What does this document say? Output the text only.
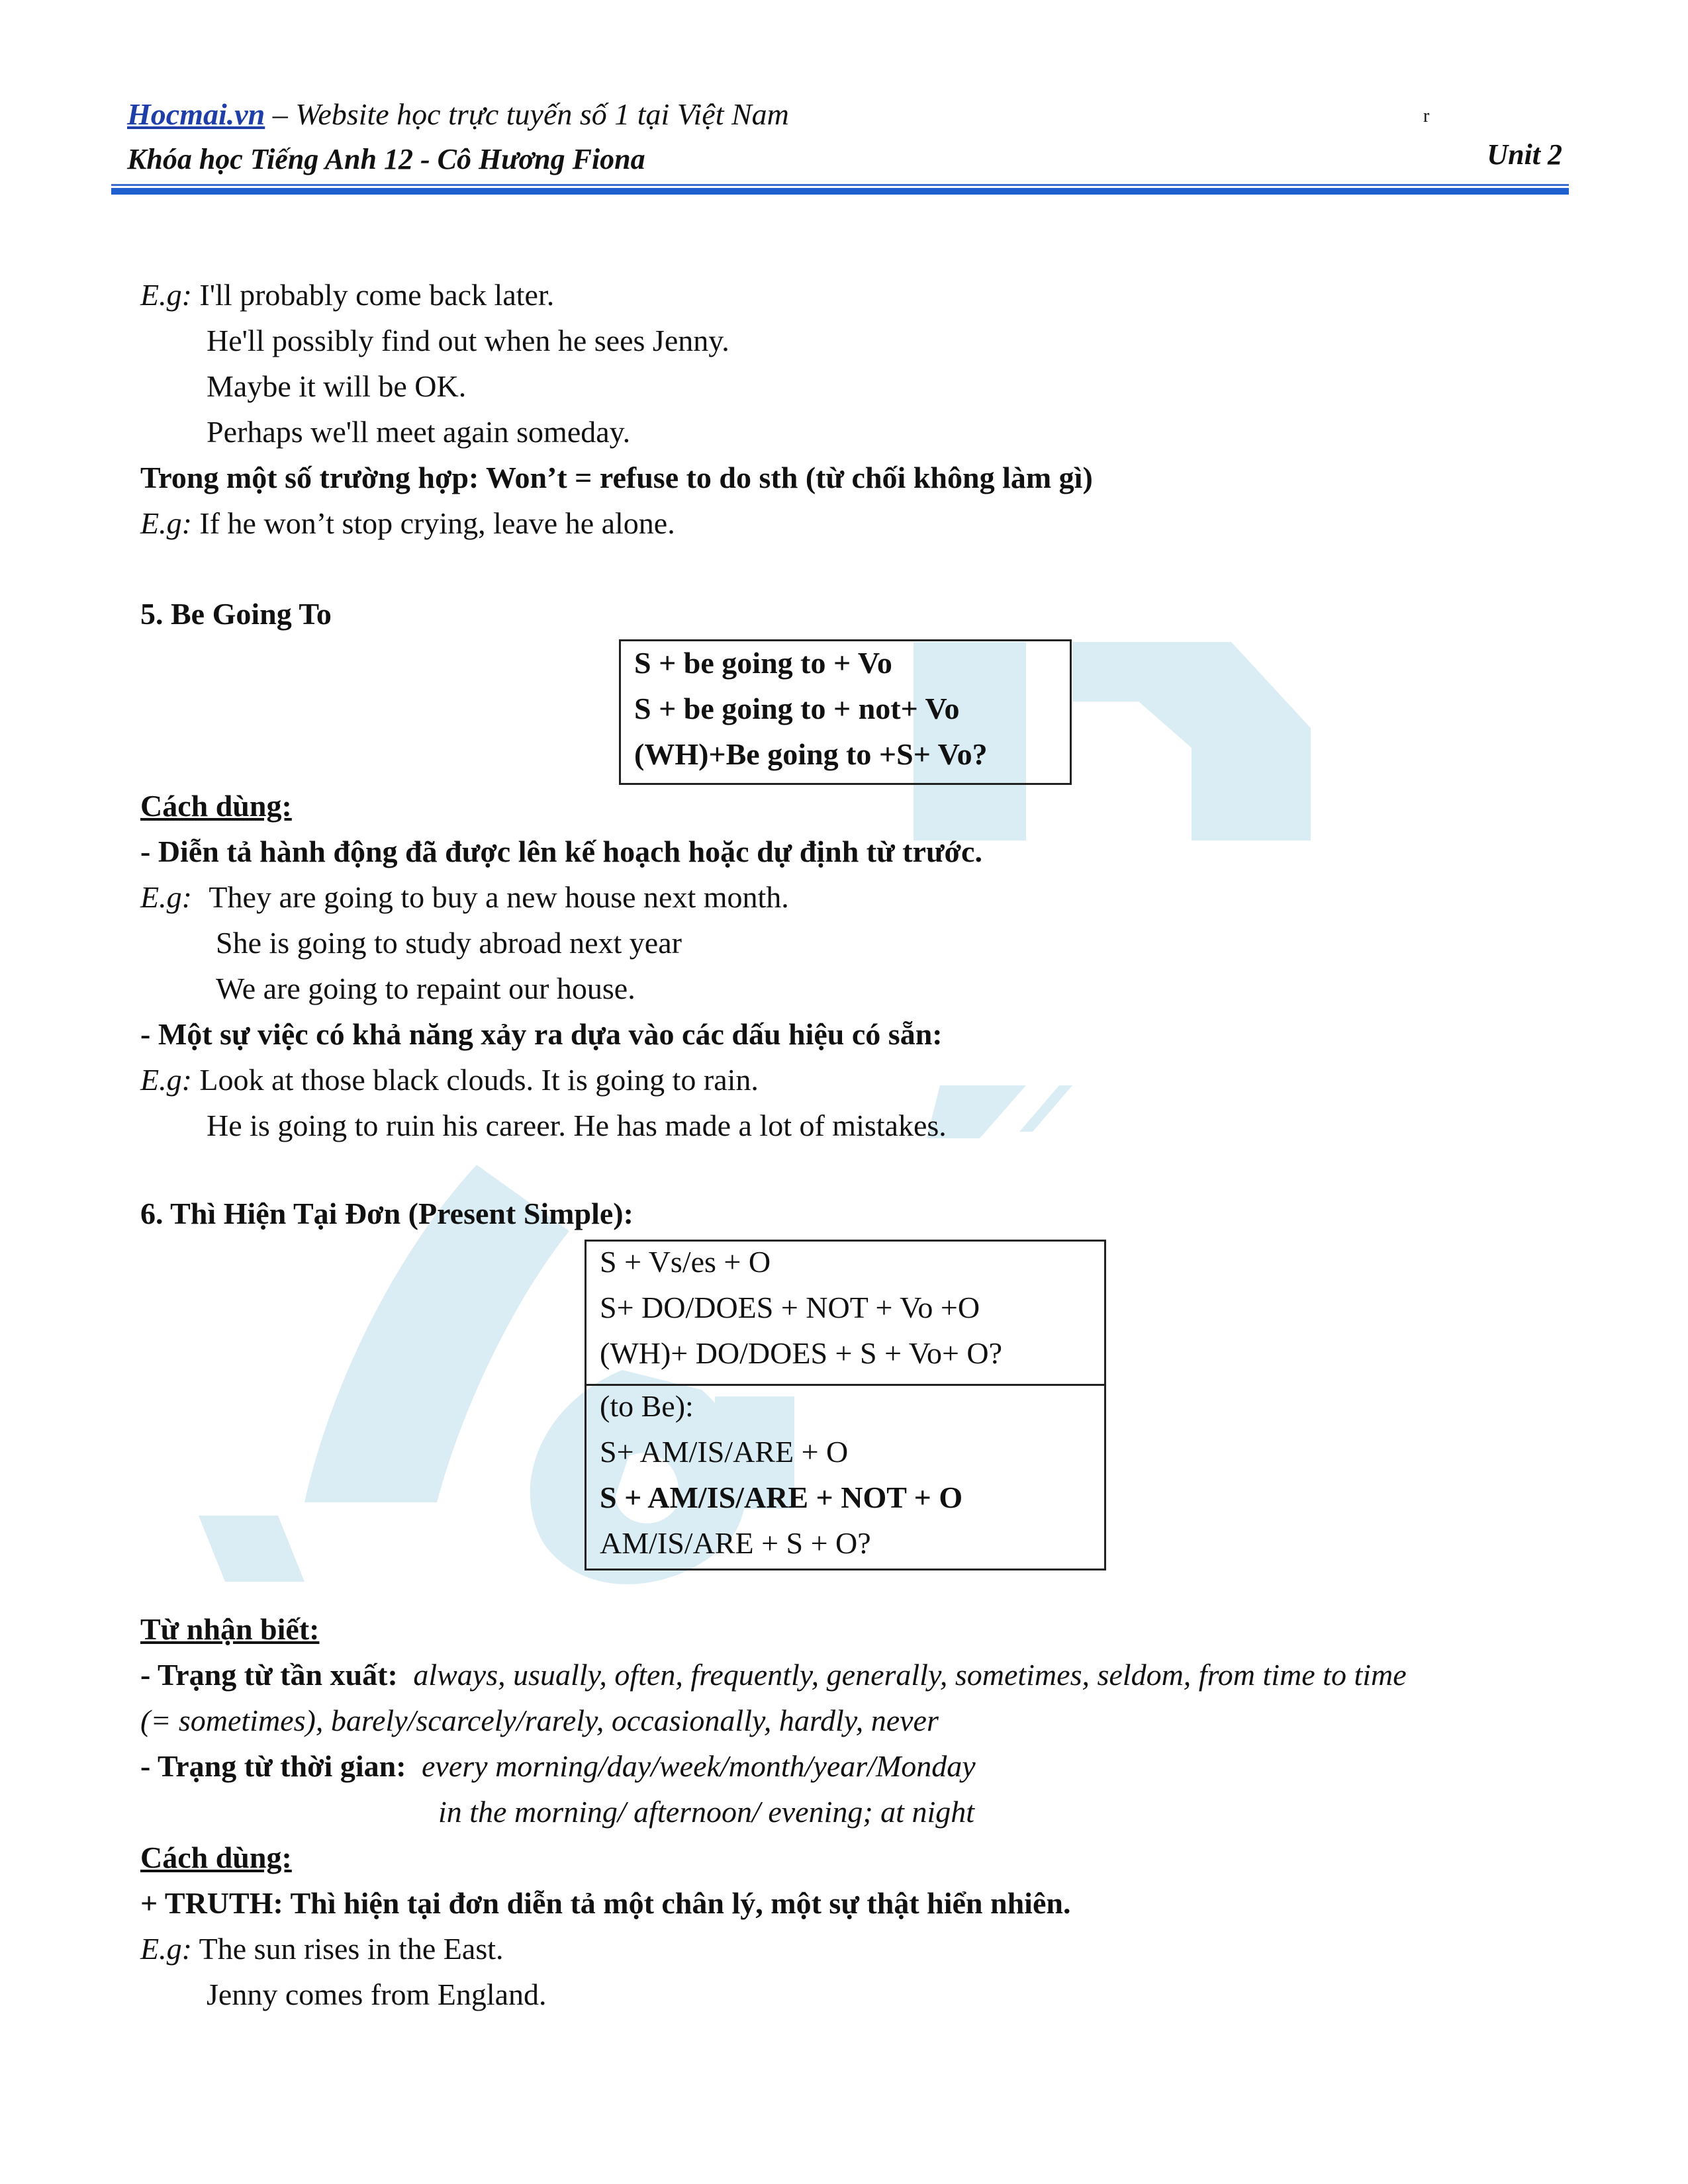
Hocmai.vn – Website học trực tuyến số 1 tại Việt Nam	r
Khóa học Tiếng Anh 12 - Cô Hương Fiona	Unit 2
E.g: I'll probably come back later.
He'll possibly find out when he sees Jenny.
Maybe it will be OK.
Perhaps we'll meet again someday.
Trong một số trường hợp: Won’t = refuse to do sth (từ chối không làm gì)
E.g: If he won’t stop crying, leave he alone.
5. Be Going To
S + be going to + Vo
S + be going to + not+ Vo
(WH)+Be going to +S+ Vo?
Cách dùng:
- Diễn tả hành động đã được lên kế hoạch hoặc dự định từ trước.
E.g: They are going to buy a new house next month.
She is going to study abroad next year
We are going to repaint our house.
- Một sự việc có khả năng xảy ra dựa vào các dấu hiệu có sẵn:
E.g: Look at those black clouds. It is going to rain.
He is going to ruin his career. He has made a lot of mistakes.
6. Thì Hiện Tại Đơn (Present Simple):
S + Vs/es + O
S+ DO/DOES + NOT + Vo +O
(WH)+ DO/DOES + S + Vo+ O?
(to Be):
S+ AM/IS/ARE + O
S + AM/IS/ARE + NOT + O
AM/IS/ARE + S + O?
Từ nhận biết:
- Trạng từ tần xuất: always, usually, often, frequently, generally, sometimes, seldom, from time to time
(= sometimes), barely/scarcely/rarely, occasionally, hardly, never
- Trạng từ thời gian: every morning/day/week/month/year/Monday
in the morning/ afternoon/ evening; at night
Cách dùng:
+ TRUTH: Thì hiện tại đơn diễn tả một chân lý, một sự thật hiển nhiên.
E.g: The sun rises in the East.
Jenny comes from England.
